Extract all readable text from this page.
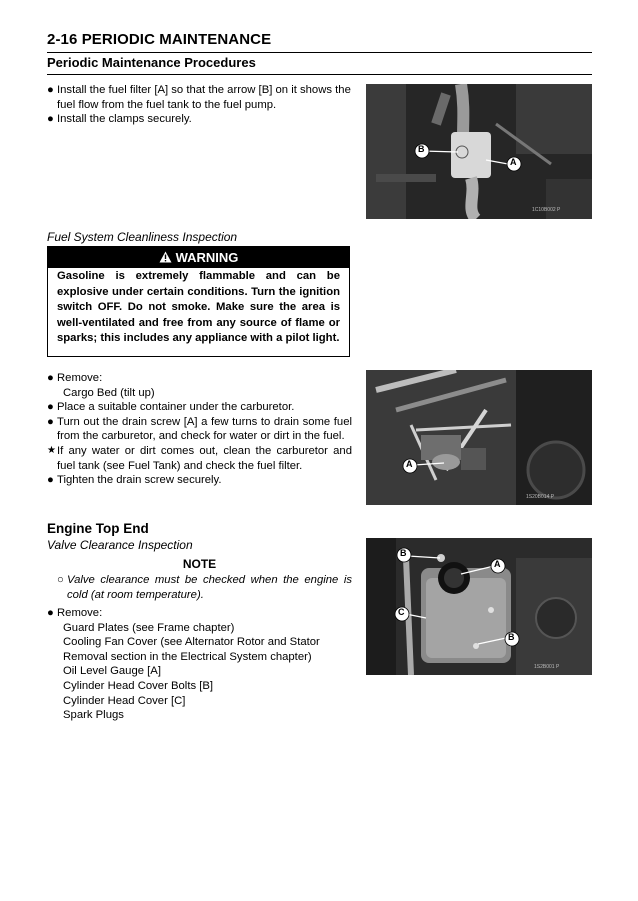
2-16 PERIODIC MAINTENANCE
Periodic Maintenance Procedures
● Install the fuel filter [A] so that the arrow [B] on it shows the fuel flow from the fuel tank to the fuel pump.
● Install the clamps securely.
B
A
1C10B002 P
Fuel System Cleanliness Inspection
WARNING
Gasoline is extremely flammable and can be explosive under certain conditions. Turn the ignition switch OFF. Do not smoke. Make sure the area is well-ventilated and free from any source of flame or sparks; this includes any appliance with a pilot light.
● Remove:
Cargo Bed (tilt up)
● Place a suitable container under the carburetor.
● Turn out the drain screw [A] a few turns to drain some fuel from the carburetor, and check for water or dirt in the fuel.
★ If any water or dirt comes out, clean the carburetor and fuel tank (see Fuel Tank) and check the fuel filter.
● Tighten the drain screw securely.
A
1S20B014 P
Engine Top End
Valve Clearance Inspection
NOTE
○ Valve clearance must be checked when the engine is cold (at room temperature).
● Remove:
Guard Plates (see Frame chapter)
Cooling Fan Cover (see Alternator Rotor and Stator Removal section in the Electrical System chapter)
Oil Level Gauge [A]
Cylinder Head Cover Bolts [B]
Cylinder Head Cover [C]
Spark Plugs
B
A
C
B
1S2B001 P
